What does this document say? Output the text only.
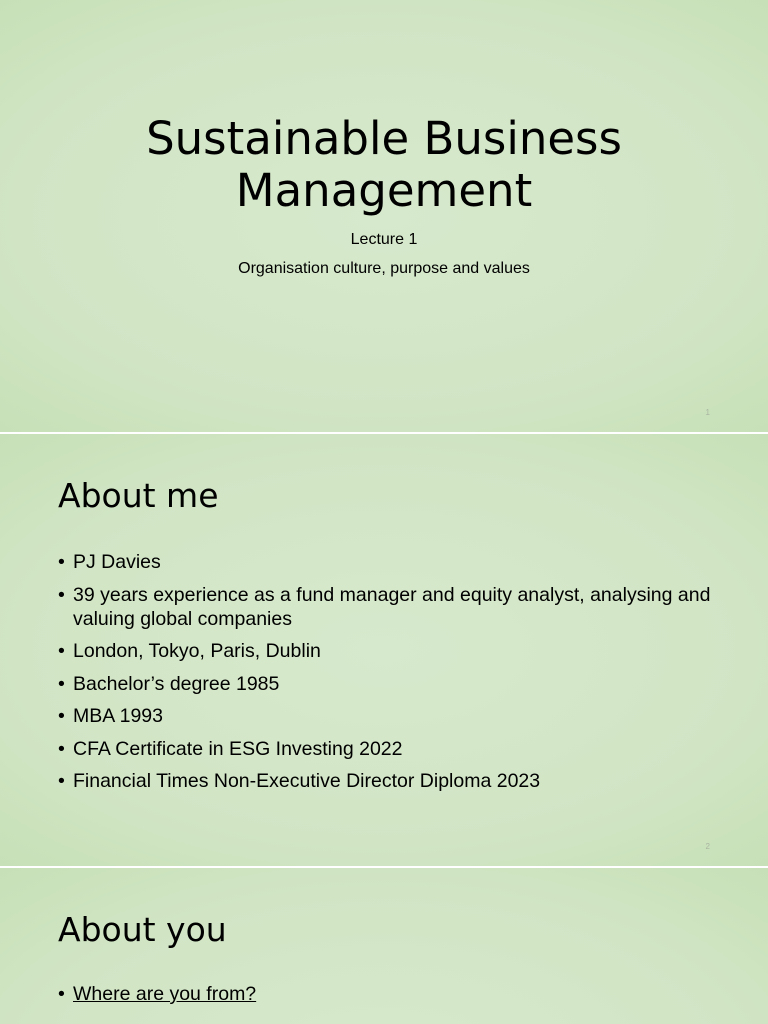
Sustainable Business Management
Lecture 1
Organisation culture, purpose and values
1
About me
• PJ Davies
• 39 years experience as a fund manager and equity analyst, analysing and valuing global companies
• London, Tokyo, Paris, Dublin
• Bachelor’s degree 1985
• MBA 1993
• CFA Certificate in ESG Investing 2022
• Financial Times Non-Executive Director Diploma 2023
2
About you
• Where are you from?
